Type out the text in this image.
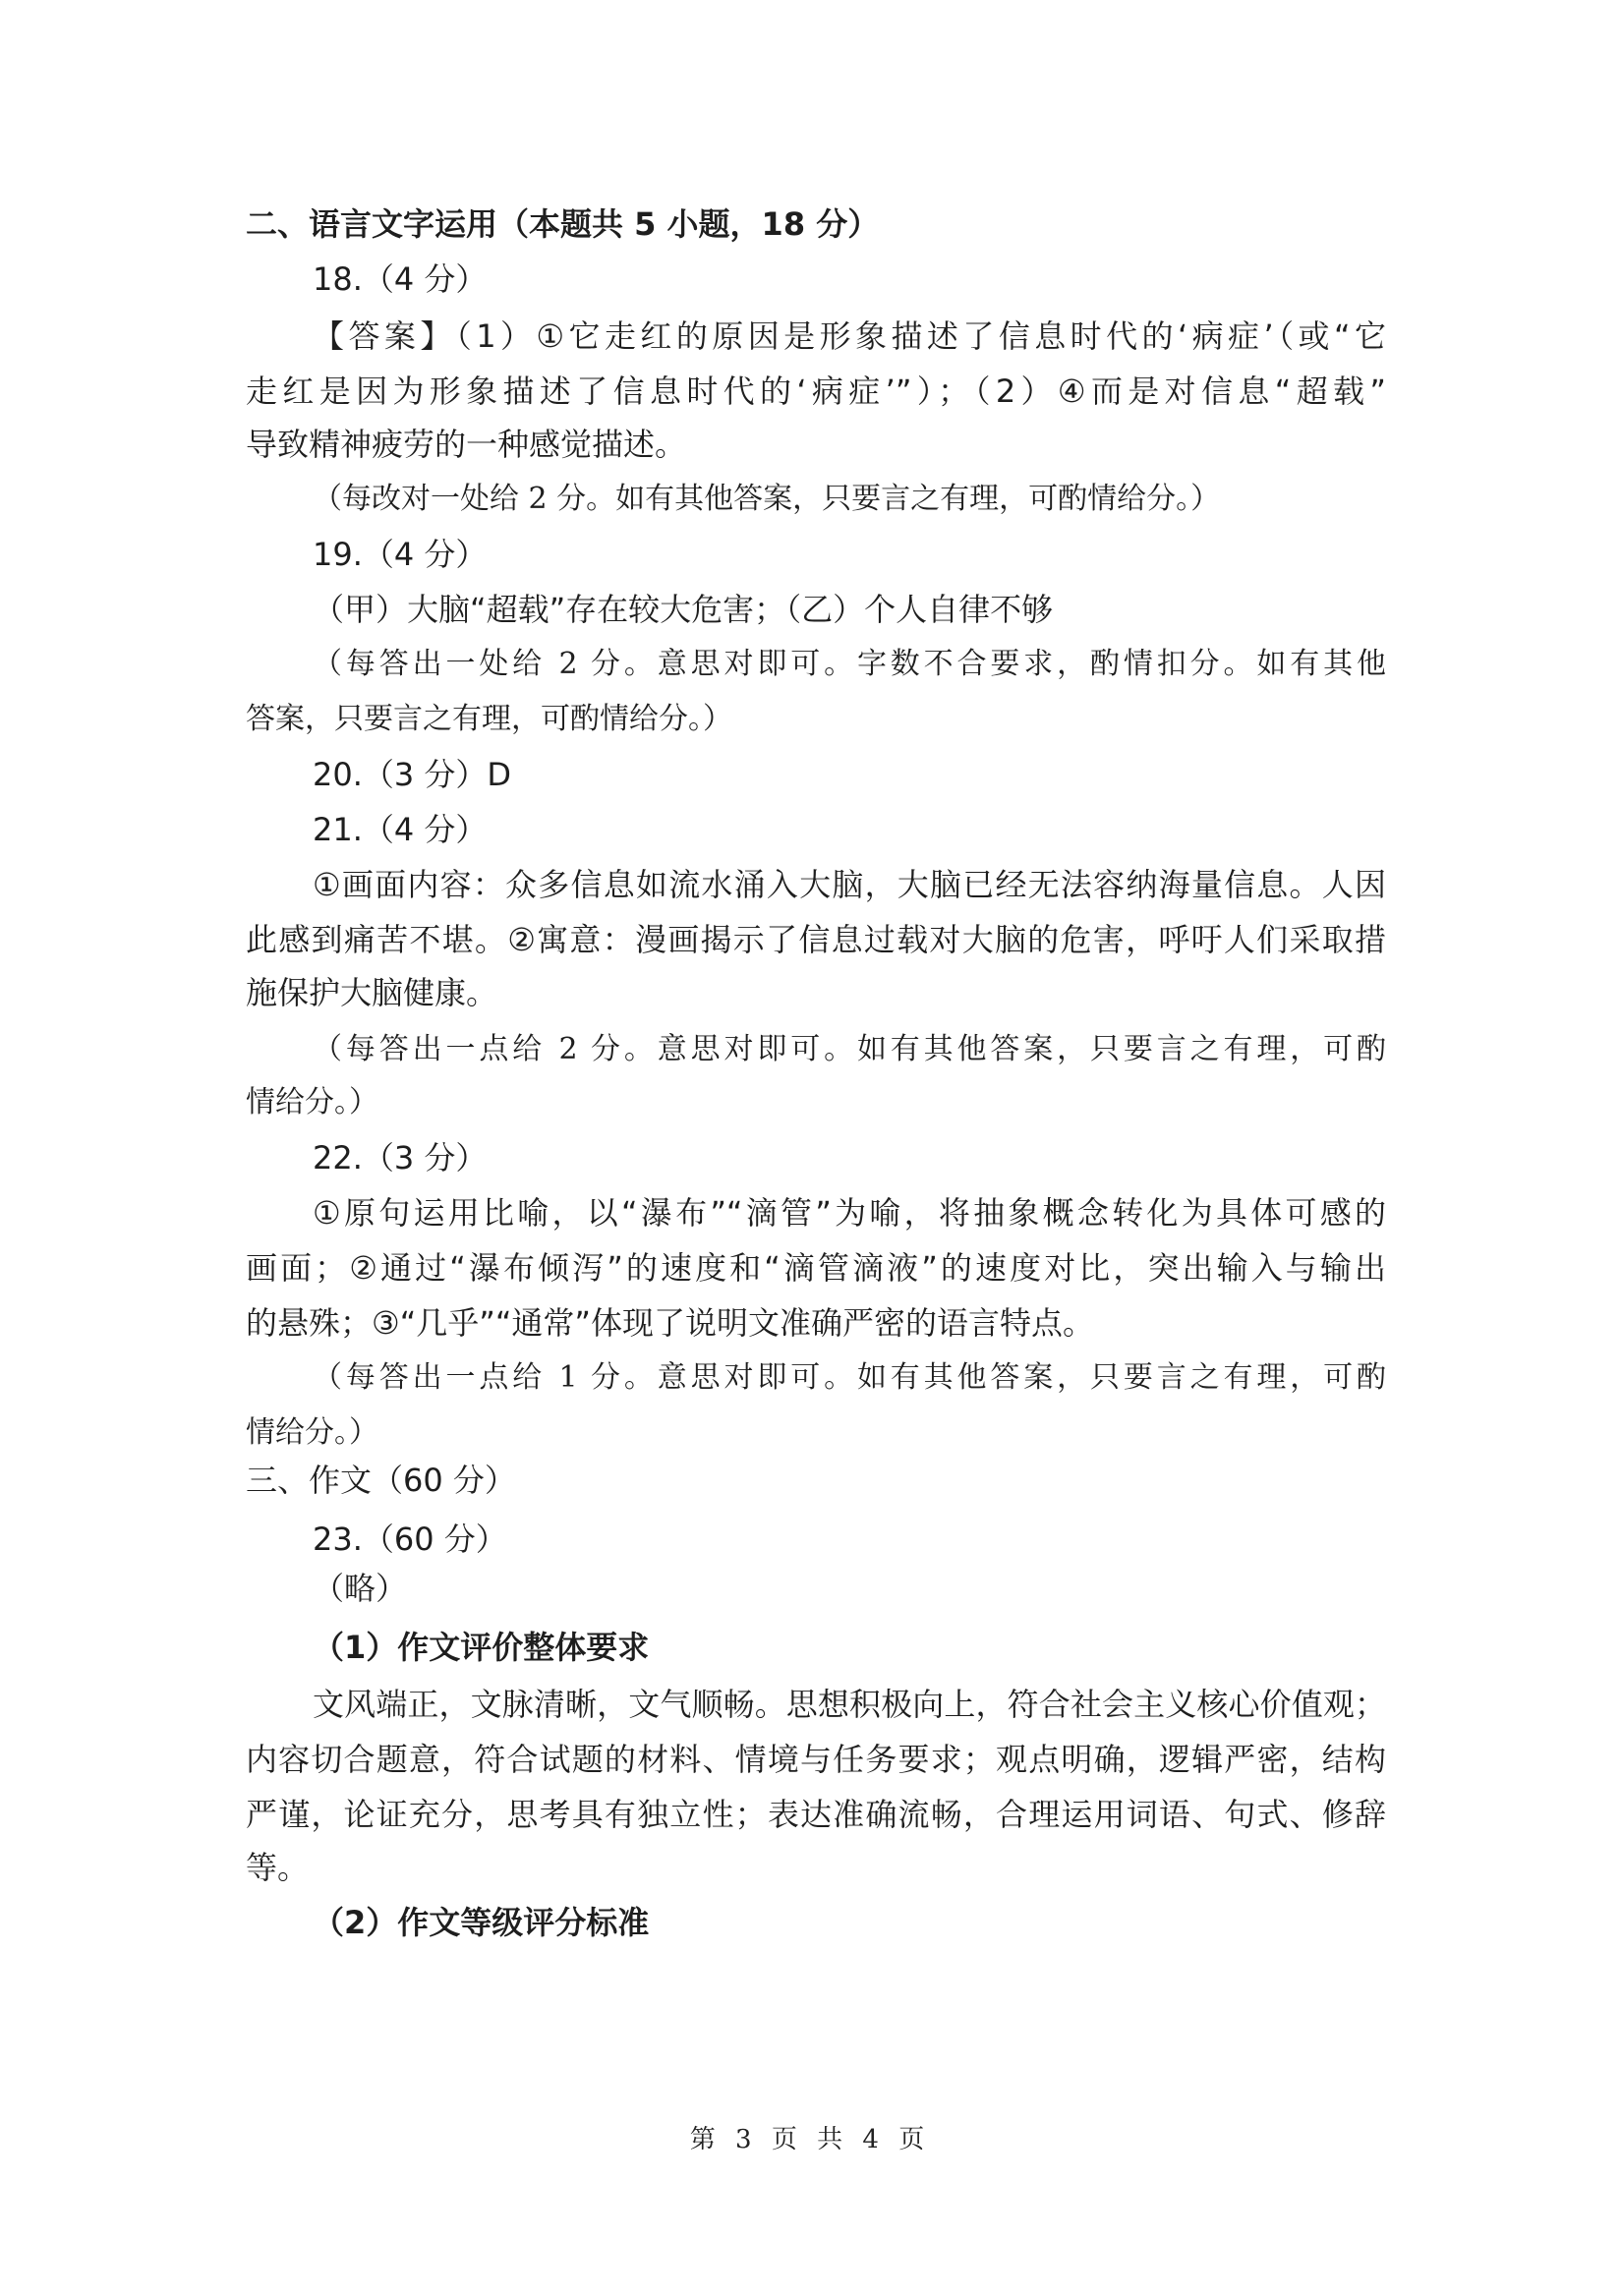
二、语言文字运用（本题共 5 小题，18 分）
18.（4 分）
【答案】（1）①它走红的原因是形象描述了信息时代的‘病症’（或“它
走红是因为形象描述了信息时代的‘病症’”）；（2）④而是对信息“超载”
导致精神疲劳的一种感觉描述。
（每改对一处给 2 分。如有其他答案，只要言之有理，可酌情给分。）
19.（4 分）
（甲）大脑“超载”存在较大危害；（乙）个人自律不够
（每答出一处给 2 分。意思对即可。字数不合要求，酌情扣分。如有其他
答案，只要言之有理，可酌情给分。）
20.（3 分）D
21.（4 分）
①画面内容：众多信息如流水涌入大脑，大脑已经无法容纳海量信息。人因
此感到痛苦不堪。②寓意：漫画揭示了信息过载对大脑的危害，呼吁人们采取措
施保护大脑健康。
（每答出一点给 2 分。意思对即可。如有其他答案，只要言之有理，可酌
情给分。）
22.（3 分）
①原句运用比喻，以“瀑布”“滴管”为喻，将抽象概念转化为具体可感的
画面；②通过“瀑布倾泻”的速度和“滴管滴液”的速度对比，突出输入与输出
的悬殊；③“几乎”“通常”体现了说明文准确严密的语言特点。
（每答出一点给 1 分。意思对即可。如有其他答案，只要言之有理，可酌
情给分。）
三、作文（60 分）
23.（60 分）
（略）
（1）作文评价整体要求
文风端正，文脉清晰，文气顺畅。思想积极向上，符合社会主义核心价值观；
内容切合题意，符合试题的材料、情境与任务要求；观点明确，逻辑严密，结构
严谨，论证充分，思考具有独立性；表达准确流畅，合理运用词语、句式、修辞
等。
（2）作文等级评分标准
第 3 页 共 4 页
